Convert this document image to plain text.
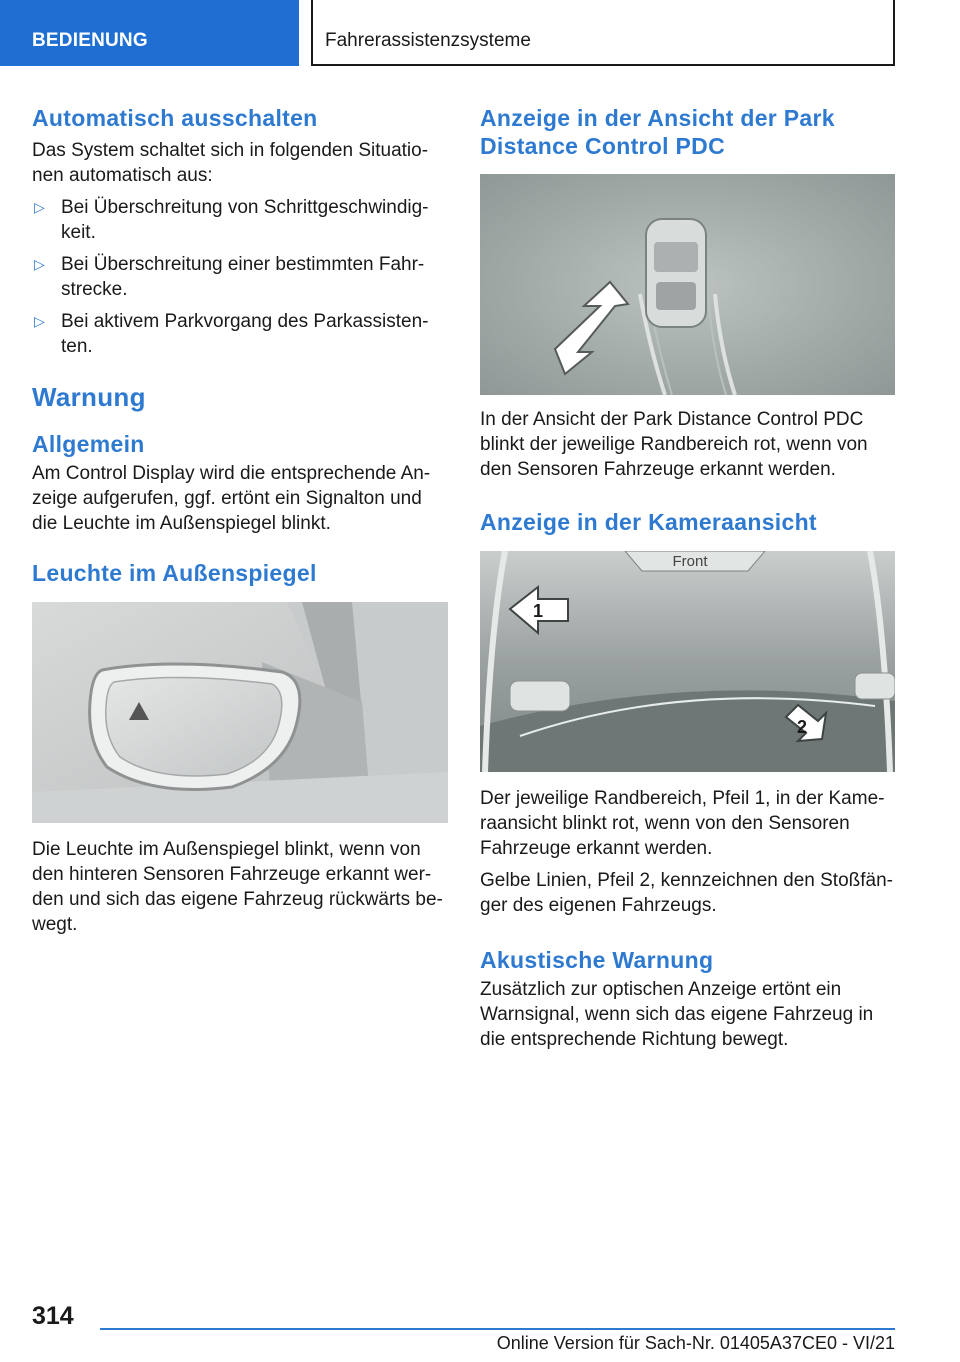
BEDIENUNG	Fahrerassistenzsysteme
Automatisch ausschalten

Das System schaltet sich in folgenden Situatio-
nen automatisch aus:

▷ Bei Überschreitung von Schrittgeschwindig-
keit.
▷ Bei Überschreitung einer bestimmten Fahr-
strecke.
▷ Bei aktivem Parkvorgang des Parkassisten-
ten.
Warnung
Allgemein

Am Control Display wird die entsprechende An-
zeige aufgerufen, ggf. ertönt ein Signalton und
die Leuchte im Außenspiegel blinkt.

Leuchte im Außenspiegel

Die Leuchte im Außenspiegel blinkt, wenn von
den hinteren Sensoren Fahrzeuge erkannt wer-
den und sich das eigene Fahrzeug rückwärts be-
wegt.

Anzeige in der Ansicht der Park
Distance Control PDC

In der Ansicht der Park Distance Control PDC
blinkt der jeweilige Randbereich rot, wenn von
den Sensoren Fahrzeuge erkannt werden.

Anzeige in der Kameraansicht
Front
1
2

Der jeweilige Randbereich, Pfeil 1, in der Kame-
raansicht blinkt rot, wenn von den Sensoren
Fahrzeuge erkannt werden.

Gelbe Linien, Pfeil 2, kennzeichnen den Stoßfän-
ger des eigenen Fahrzeugs.

Akustische Warnung

Zusätzlich zur optischen Anzeige ertönt ein
Warnsignal, wenn sich das eigene Fahrzeug in
die entsprechende Richtung bewegt.

314
Online Version für Sach-Nr. 01405A37CE0 - VI/21
